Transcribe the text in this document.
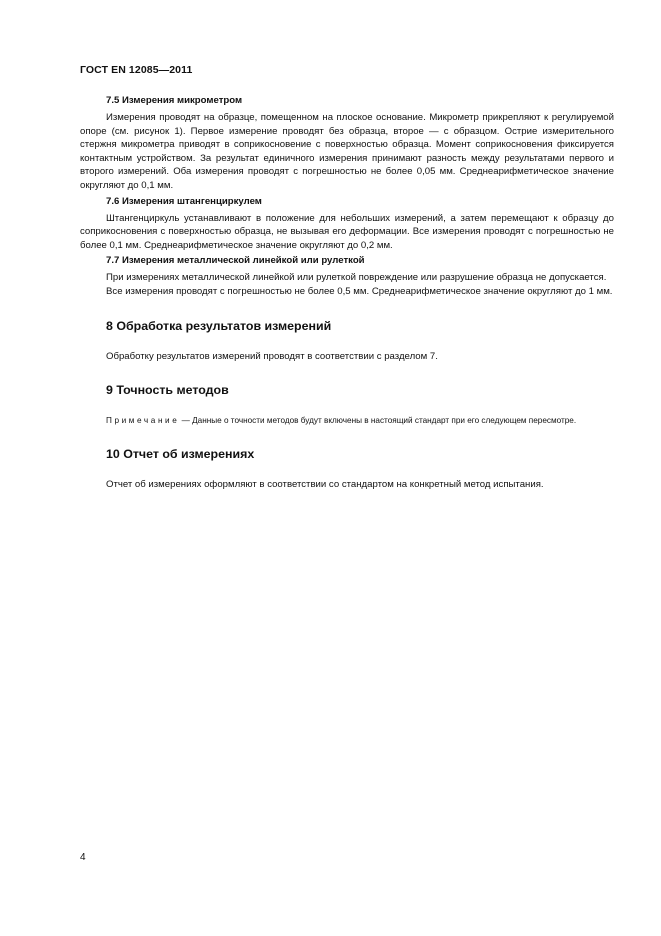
ГОСТ EN 12085—2011
7.5 Измерения микрометром

Измерения проводят на образце, помещенном на плоское основание. Микрометр прикрепляют к регулируемой опоре (см. рисунок 1). Первое измерение проводят без образца, второе — с образцом. Острие измерительного стержня микрометра приводят в соприкосновение с поверхностью образца. Момент соприкосновения фиксируется контактным устройством. За результат единичного измерения принимают разность между результатами первого и второго измерений. Оба измерения проводят с погрешностью не более 0,05 мм. Среднеарифметическое значение округляют до 0,1 мм.

7.6 Измерения штангенциркулем

Штангенциркуль устанавливают в положение для небольших измерений, а затем перемещают к образцу до соприкосновения с поверхностью образца, не вызывая его деформации. Все измерения проводят с погрешностью не более 0,1 мм. Среднеарифметическое значение округляют до 0,2 мм.

7.7 Измерения металлической линейкой или рулеткой

При измерениях металлической линейкой или рулеткой повреждение или разрушение образца не допускается.

Все измерения проводят с погрешностью не более 0,5 мм. Среднеарифметическое значение округляют до 1 мм.

8 Обработка результатов измерений

Обработку результатов измерений проводят в соответствии с разделом 7.

9 Точность методов

Примечание — Данные о точности методов будут включены в настоящий стандарт при его следующем пересмотре.

10 Отчет об измерениях

Отчет об измерениях оформляют в соответствии со стандартом на конкретный метод испытания.

4
